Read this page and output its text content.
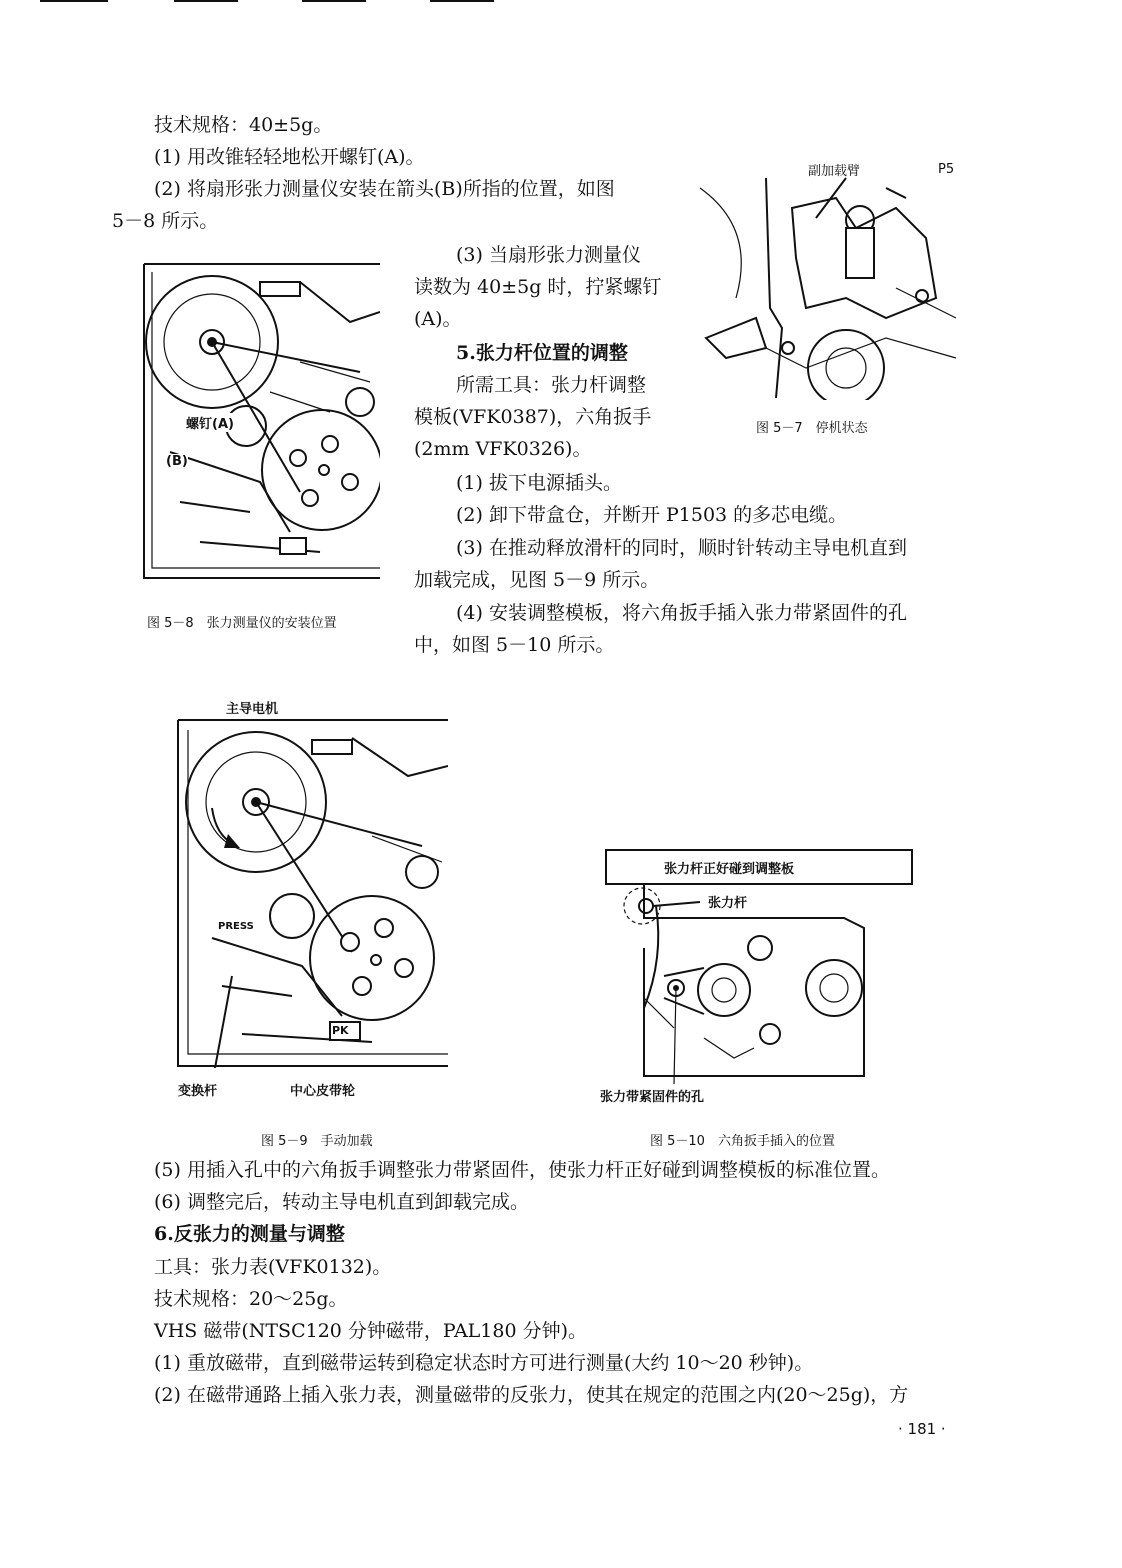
技术规格：40±5g。
(1) 用改锥轻轻地松开螺钉(A)。
(2) 将扇形张力测量仪安装在箭头(B)所指的位置，如图
5－8 所示。
(3) 当扇形张力测量仪
读数为 40±5g 时，拧紧螺钉
(A)。
5.张力杆位置的调整
所需工具：张力杆调整
模板(VFK0387)，六角扳手
(2mm VFK0326)。
(1) 拔下电源插头。
(2) 卸下带盒仓，并断开 P1503 的多芯电缆。
(3) 在推动释放滑杆的同时，顺时针转动主导电机直到
加载完成，见图 5－9 所示。
(4) 安装调整模板，将六角扳手插入张力带紧固件的孔
中，如图 5－10 所示。
(5) 用插入孔中的六角扳手调整张力带紧固件，使张力杆正好碰到调整模板的标准位置。
(6) 调整完后，转动主导电机直到卸载完成。
6.反张力的测量与调整
工具：张力表(VFK0132)。
技术规格：20～25g。
VHS 磁带(NTSC120 分钟磁带，PAL180 分钟)。
(1) 重放磁带，直到磁带运转到稳定状态时方可进行测量(大约 10～20 秒钟)。
(2) 在磁带通路上插入张力表，测量磁带的反张力，使其在规定的范围之内(20～25g)，方
· 181 ·
螺钉(A)
(B)
图 5－8　张力测量仪的安装位置
副加载臂	P5
图 5－7　停机状态
主导电机
PRESS
PK
变换杆	中心皮带轮
图 5－9　手动加载
张力杆正好碰到调整板
张力杆
张力带紧固件的孔
图 5－10　六角扳手插入的位置
